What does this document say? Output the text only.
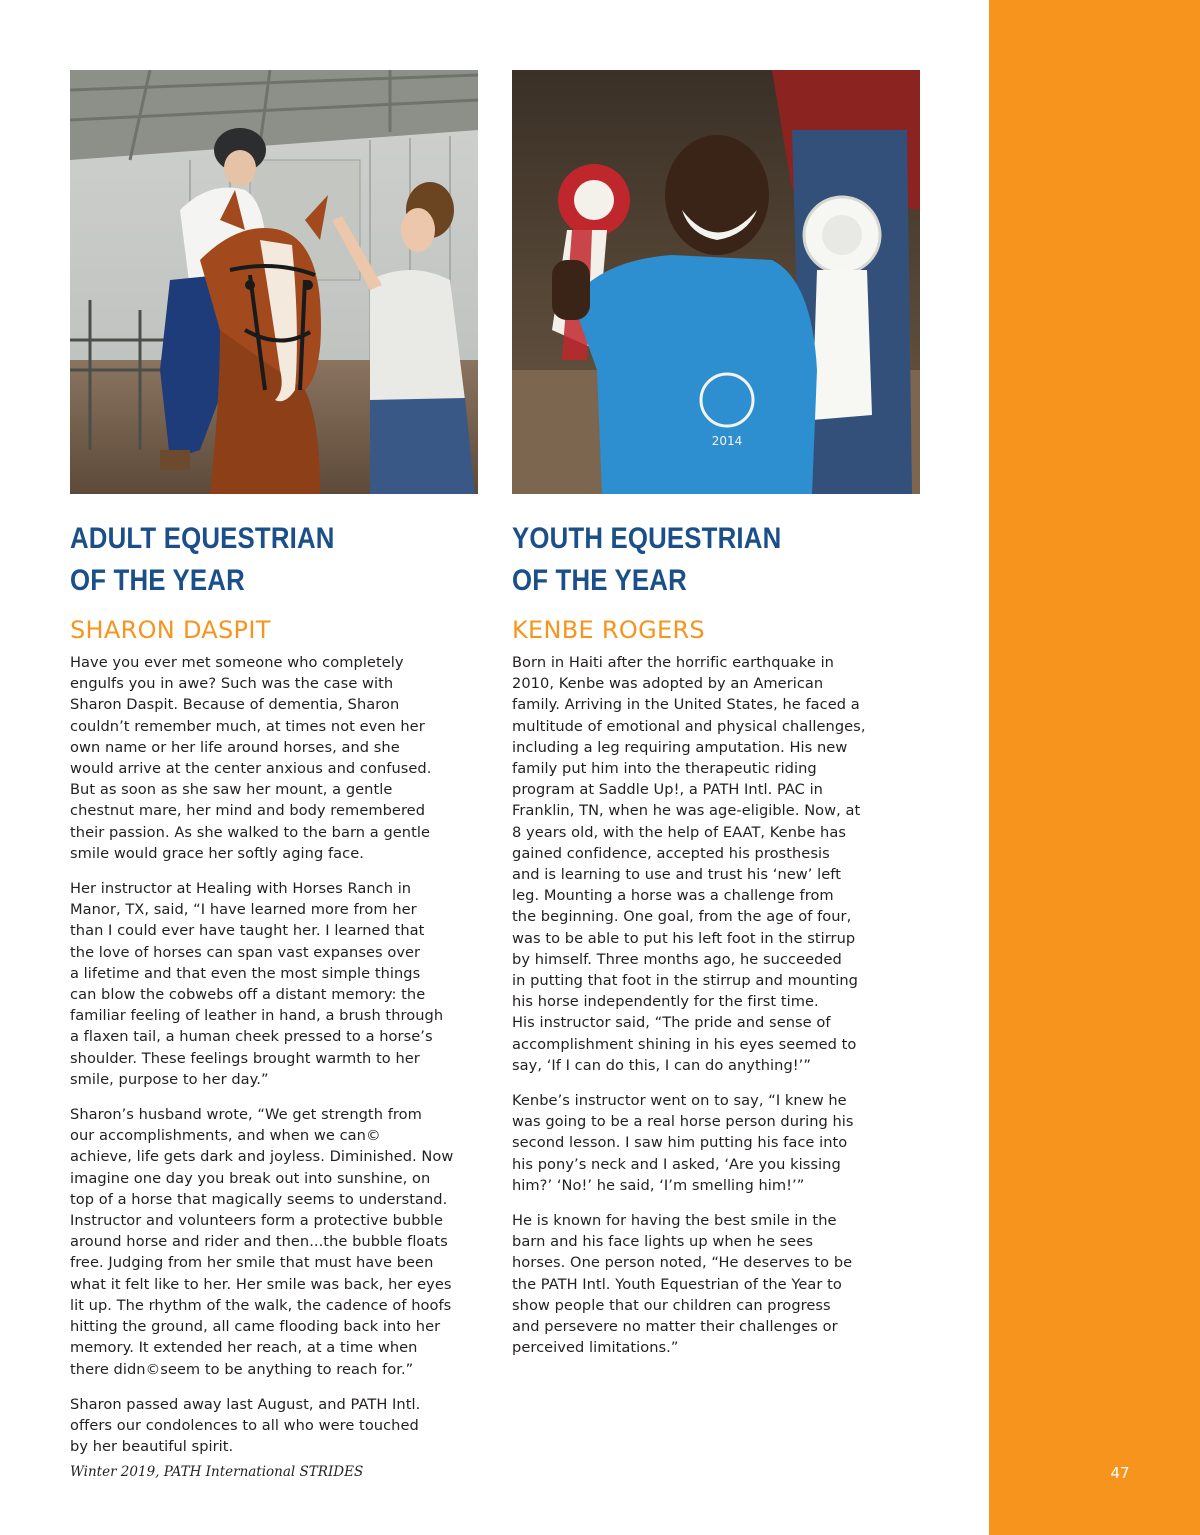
47
ADULT EQUESTRIAN
OF THE YEAR
SHARON DASPIT
Have you ever met someone who completely
engulfs you in awe? Such was the case with
Sharon Daspit. Because of dementia, Sharon
couldn’t remember much, at times not even her
own name or her life around horses, and she
would arrive at the center anxious and confused.
But as soon as she saw her mount, a gentle
chestnut mare, her mind and body remembered
their passion. As she walked to the barn a gentle
smile would grace her softly aging face.
Her instructor at Healing with Horses Ranch in
Manor, TX, said, “I have learned more from her
than I could ever have taught her. I learned that
the love of horses can span vast expanses over
a lifetime and that even the most simple things
can blow the cobwebs off a distant memory: the
familiar feeling of leather in hand, a brush through
a flaxen tail, a human cheek pressed to a horse’s
shoulder. These feelings brought warmth to her
smile, purpose to her day.”
Sharon’s husband wrote, “We get strength from
our accomplishments, and when we can©
achieve, life gets dark and joyless. Diminished. Now
imagine one day you break out into sunshine, on
top of a horse that magically seems to understand.
Instructor and volunteers form a protective bubble
around horse and rider and then...the bubble floats
free. Judging from her smile that must have been
what it felt like to her. Her smile was back, her eyes
lit up. The rhythm of the walk, the cadence of hoofs
hitting the ground, all came flooding back into her
memory. It extended her reach, at a time when
there didn©seem to be anything to reach for.”
Sharon passed away last August, and PATH Intl.
offers our condolences to all who were touched
by her beautiful spirit.
2014
YOUTH EQUESTRIAN
OF THE YEAR
KENBE ROGERS
Born in Haiti after the horrific earthquake in
2010, Kenbe was adopted by an American
family. Arriving in the United States, he faced a
multitude of emotional and physical challenges,
including a leg requiring amputation. His new
family put him into the therapeutic riding
program at Saddle Up!, a PATH Intl. PAC in
Franklin, TN, when he was age-eligible. Now, at
8 years old, with the help of EAAT, Kenbe has
gained confidence, accepted his prosthesis
and is learning to use and trust his ‘new’ left
leg. Mounting a horse was a challenge from
the beginning. One goal, from the age of four,
was to be able to put his left foot in the stirrup
by himself. Three months ago, he succeeded
in putting that foot in the stirrup and mounting
his horse independently for the first time.
His instructor said, “The pride and sense of
accomplishment shining in his eyes seemed to
say, ‘If I can do this, I can do anything!’”
Kenbe’s instructor went on to say, “I knew he
was going to be a real horse person during his
second lesson. I saw him putting his face into
his pony’s neck and I asked, ‘Are you kissing
him?’ ‘No!’ he said, ‘I’m smelling him!’”
He is known for having the best smile in the
barn and his face lights up when he sees
horses. One person noted, “He deserves to be
the PATH Intl. Youth Equestrian of the Year to
show people that our children can progress
and persevere no matter their challenges or
perceived limitations.”
Winter 2019, PATH International STRIDES
